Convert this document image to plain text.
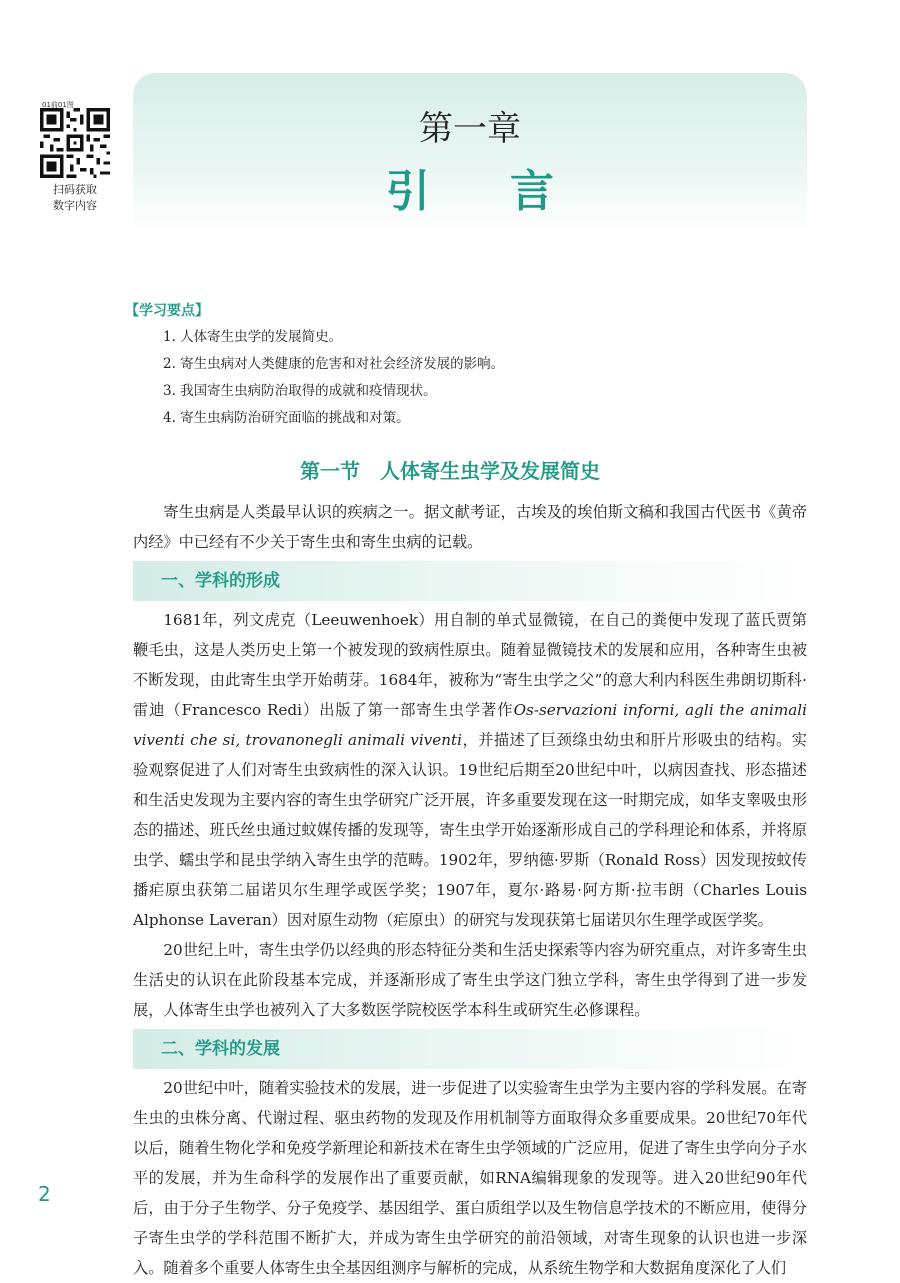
第一章
引言
01前01图
扫码获取
数字内容
【学习要点】
1. 人体寄生虫学的发展简史。
2. 寄生虫病对人类健康的危害和对社会经济发展的影响。
3. 我国寄生虫病防治取得的成就和疫情现状。
4. 寄生虫病防治研究面临的挑战和对策。
第一节　人体寄生虫学及发展简史

寄生虫病是人类最早认识的疾病之一。据文献考证，古埃及的埃伯斯文稿和我国古代医书《黄帝内经》中已经有不少关于寄生虫和寄生虫病的记载。

一、学科的形成

1681年，列文虎克（Leeuwenhoek）用自制的单式显微镜，在自己的粪便中发现了蓝氏贾第鞭毛虫，这是人类历史上第一个被发现的致病性原虫。随着显微镜技术的发展和应用，各种寄生虫被不断发现，由此寄生虫学开始萌芽。1684年，被称为“寄生虫学之父”的意大利内科医生弗朗切斯科·雷迪（Francesco Redi）出版了第一部寄生虫学著作Os-servazioni inforni, agli the animali viventi che si, trovanonegli animali viventi，并描述了巨颈绦虫幼虫和肝片形吸虫的结构。实验观察促进了人们对寄生虫致病性的深入认识。19世纪后期至20世纪中叶，以病因查找、形态描述和生活史发现为主要内容的寄生虫学研究广泛开展，许多重要发现在这一时期完成，如华支睾吸虫形态的描述、班氏丝虫通过蚊媒传播的发现等，寄生虫学开始逐渐形成自己的学科理论和体系，并将原虫学、蠕虫学和昆虫学纳入寄生虫学的范畴。1902年，罗纳德·罗斯（Ronald Ross）因发现按蚊传播疟原虫获第二届诺贝尔生理学或医学奖；1907年，夏尔·路易·阿方斯·拉韦朗（Charles Louis Alphonse Laveran）因对原生动物（疟原虫）的研究与发现获第七届诺贝尔生理学或医学奖。

20世纪上叶，寄生虫学仍以经典的形态特征分类和生活史探索等内容为研究重点，对许多寄生虫生活史的认识在此阶段基本完成，并逐渐形成了寄生虫学这门独立学科，寄生虫学得到了进一步发展，人体寄生虫学也被列入了大多数医学院校医学本科生或研究生必修课程。

二、学科的发展

20世纪中叶，随着实验技术的发展，进一步促进了以实验寄生虫学为主要内容的学科发展。在寄生虫的虫株分离、代谢过程、驱虫药物的发现及作用机制等方面取得众多重要成果。20世纪70年代以后，随着生物化学和免疫学新理论和新技术在寄生虫学领域的广泛应用，促进了寄生虫学向分子水平的发展，并为生命科学的发展作出了重要贡献，如RNA编辑现象的发现等。进入20世纪90年代后，由于分子生物学、分子免疫学、基因组学、蛋白质组学以及生物信息学技术的不断应用，使得分子寄生虫学的学科范围不断扩大，并成为寄生虫学研究的前沿领域，对寄生现象的认识也进一步深入。随着多个重要人体寄生虫全基因组测序与解析的完成，从系统生物学和大数据角度深化了人们

2
